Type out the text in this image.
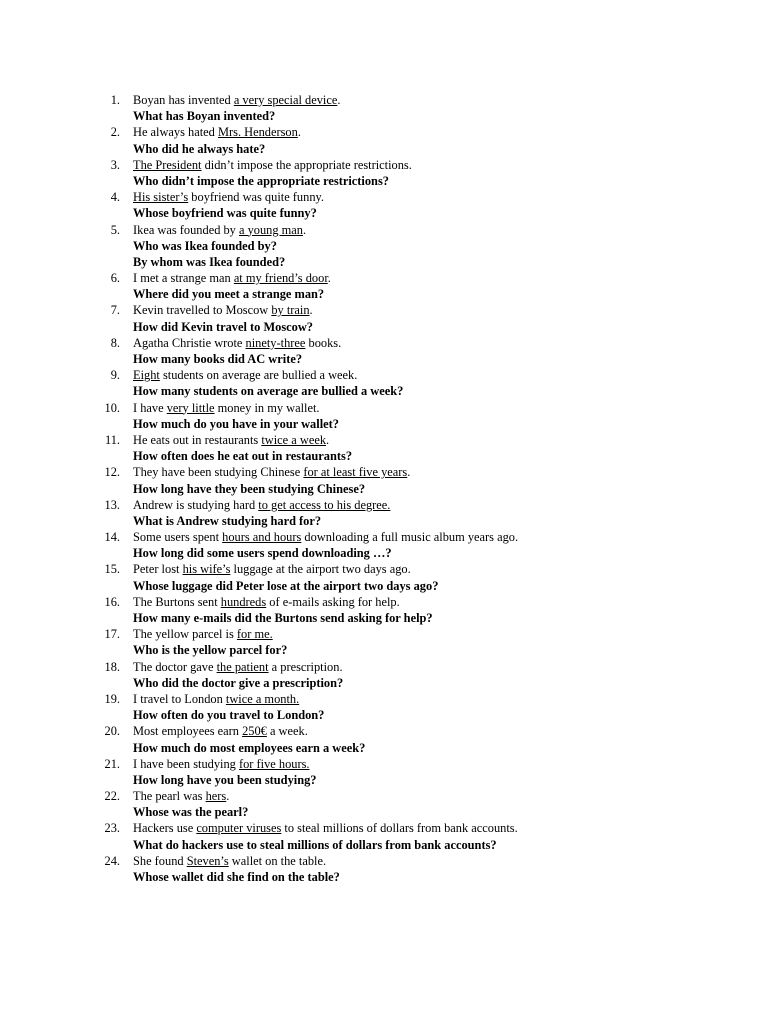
1.	Boyan has invented a very special device.
What has Boyan invented?
2.	He always hated Mrs. Henderson.
Who did he always hate?
3.	The President didn’t impose the appropriate restrictions.
Who didn’t impose the appropriate restrictions?
4.	His sister’s boyfriend was quite funny.
Whose boyfriend was quite funny?
5.	Ikea was founded by a young man.
Who was Ikea founded by?
By whom was Ikea founded?
6.	I met a strange man at my friend’s door.
Where did you meet a strange man?
7.	Kevin travelled to Moscow by train.
How did Kevin travel to Moscow?
8.	Agatha Christie wrote ninety-three books.
How many books did AC write?
9.	Eight students on average are bullied a week.
How many students on average are bullied a week?
10.	I have very little money in my wallet.
How much do you have in your wallet?
11.	He eats out in restaurants twice a week.
How often does he eat out in restaurants?
12.	They have been studying Chinese for at least five years.
How long have they been studying Chinese?
13.	Andrew is studying hard to get access to his degree.
What is Andrew studying hard for?
14.	Some users spent hours and hours downloading a full music album years ago.
How long did some users spend downloading …?
15.	Peter lost his wife’s luggage at the airport two days ago.
Whose luggage did Peter lose at the airport two days ago?
16.	The Burtons sent hundreds of e-mails asking for help.
How many e-mails did the Burtons send asking for help?
17.	The yellow parcel is for me.
Who is the yellow parcel for?
18.	The doctor gave the patient a prescription.
Who did the doctor give a prescription?
19.	I travel to London twice a month.
How often do you travel to London?
20.	Most employees earn 250€ a week.
How much do most employees earn a week?
21.	I have been studying for five hours.
How long have you been studying?
22.	The pearl was hers.
Whose was the pearl?
23.	Hackers use computer viruses to steal millions of dollars from bank accounts.
What do hackers use to steal millions of dollars from bank accounts?
24.	She found Steven’s wallet on the table.
Whose wallet did she find on the table?
